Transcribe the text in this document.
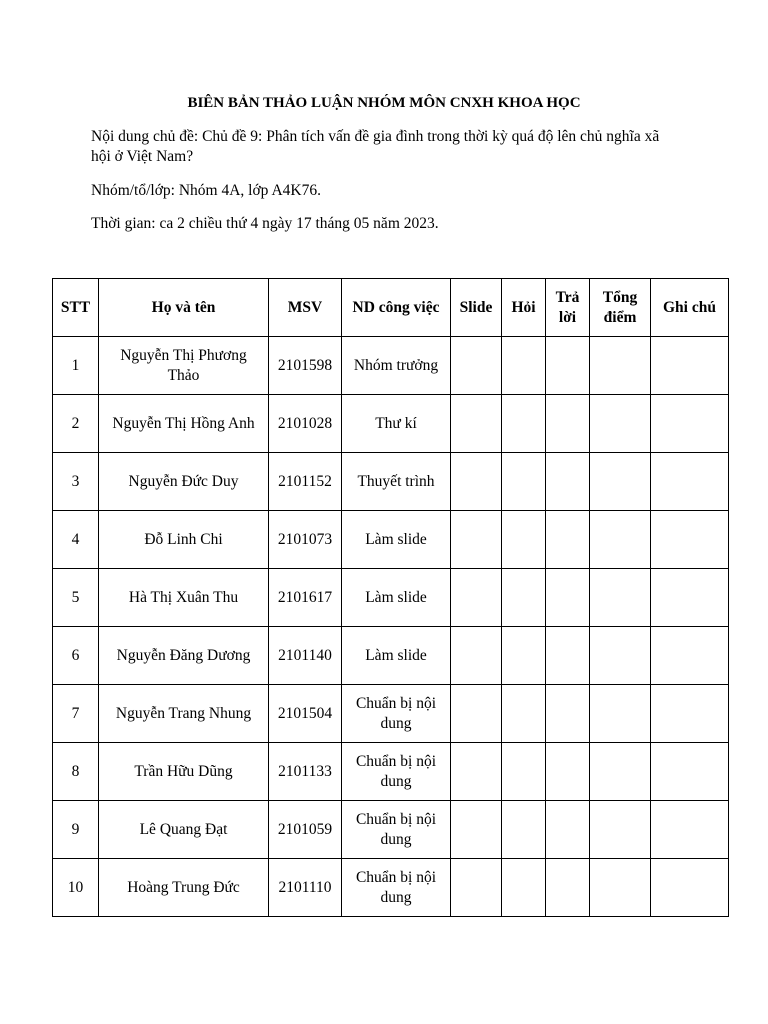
BIÊN BẢN THẢO LUẬN NHÓM MÔN CNXH KHOA HỌC
Nội dung chủ đề: Chủ đề 9: Phân tích vấn đề gia đình trong thời kỳ quá độ lên chủ nghĩa xã hội ở Việt Nam?
Nhóm/tổ/lớp: Nhóm 4A, lớp A4K76.
Thời gian: ca 2 chiều thứ 4 ngày 17 tháng 05 năm 2023.
STT	Họ và tên	MSV	ND công việc	Slide	Hỏi	Trả lời	Tổng điểm	Ghi chú
1	Nguyễn Thị Phương Thảo	2101598	Nhóm trưởng					
2	Nguyễn Thị Hồng Anh	2101028	Thư kí					
3	Nguyễn Đức Duy	2101152	Thuyết trình					
4	Đỗ Linh Chi	2101073	Làm slide					
5	Hà Thị Xuân Thu	2101617	Làm slide					
6	Nguyễn Đăng Dương	2101140	Làm slide					
7	Nguyễn Trang Nhung	2101504	Chuẩn bị nội dung					
8	Trần Hữu Dũng	2101133	Chuẩn bị nội dung					
9	Lê Quang Đạt	2101059	Chuẩn bị nội dung					
10	Hoàng Trung Đức	2101110	Chuẩn bị nội dung					
